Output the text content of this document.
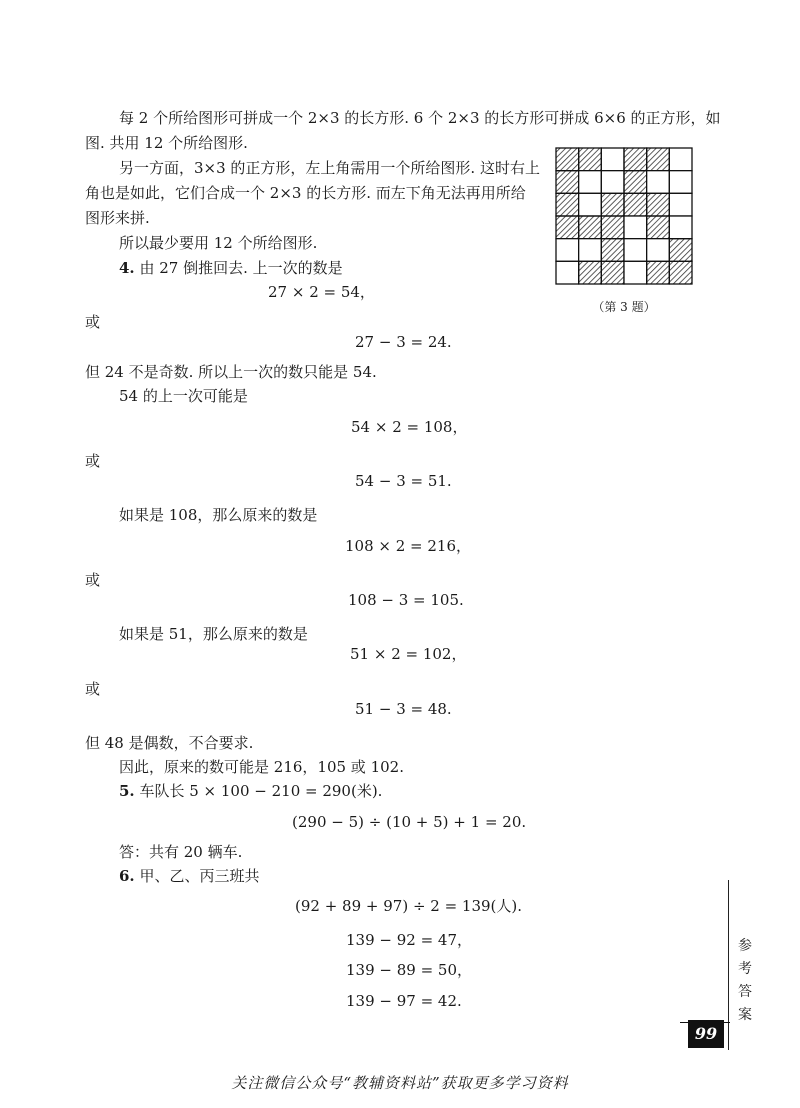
每 2 个所给图形可拼成一个 2×3 的长方形. 6 个 2×3 的长方形可拼成 6×6 的正方形，如
图. 共用 12 个所给图形.
另一方面，3×3 的正方形，左上角需用一个所给图形. 这时右上
角也是如此，它们合成一个 2×3 的长方形. 而左下角无法再用所给
图形来拼.
所以最少要用 12 个所给图形.
4. 由 27 倒推回去. 上一次的数是
27 × 2 = 54，
或
27 − 3 = 24.
但 24 不是奇数. 所以上一次的数只能是 54.
54 的上一次可能是
54 × 2 = 108，
或
54 − 3 = 51.
如果是 108，那么原来的数是
108 × 2 = 216，
或
108 − 3 = 105.
如果是 51，那么原来的数是
51 × 2 = 102，
或
51 − 3 = 48.
但 48 是偶数，不合要求.
因此，原来的数可能是 216，105 或 102.
5. 车队长 5 × 100 − 210 = 290(米).
(290 − 5) ÷ (10 + 5) + 1 = 20.
答：共有 20 辆车.
6. 甲、乙、丙三班共
(92 + 89 + 97) ÷ 2 = 139(人).
139 − 92 = 47，
139 − 89 = 50，
139 − 97 = 42.
（第 3 题）
参考答案
99
关注微信公众号“教辅资料站”获取更多学习资料
